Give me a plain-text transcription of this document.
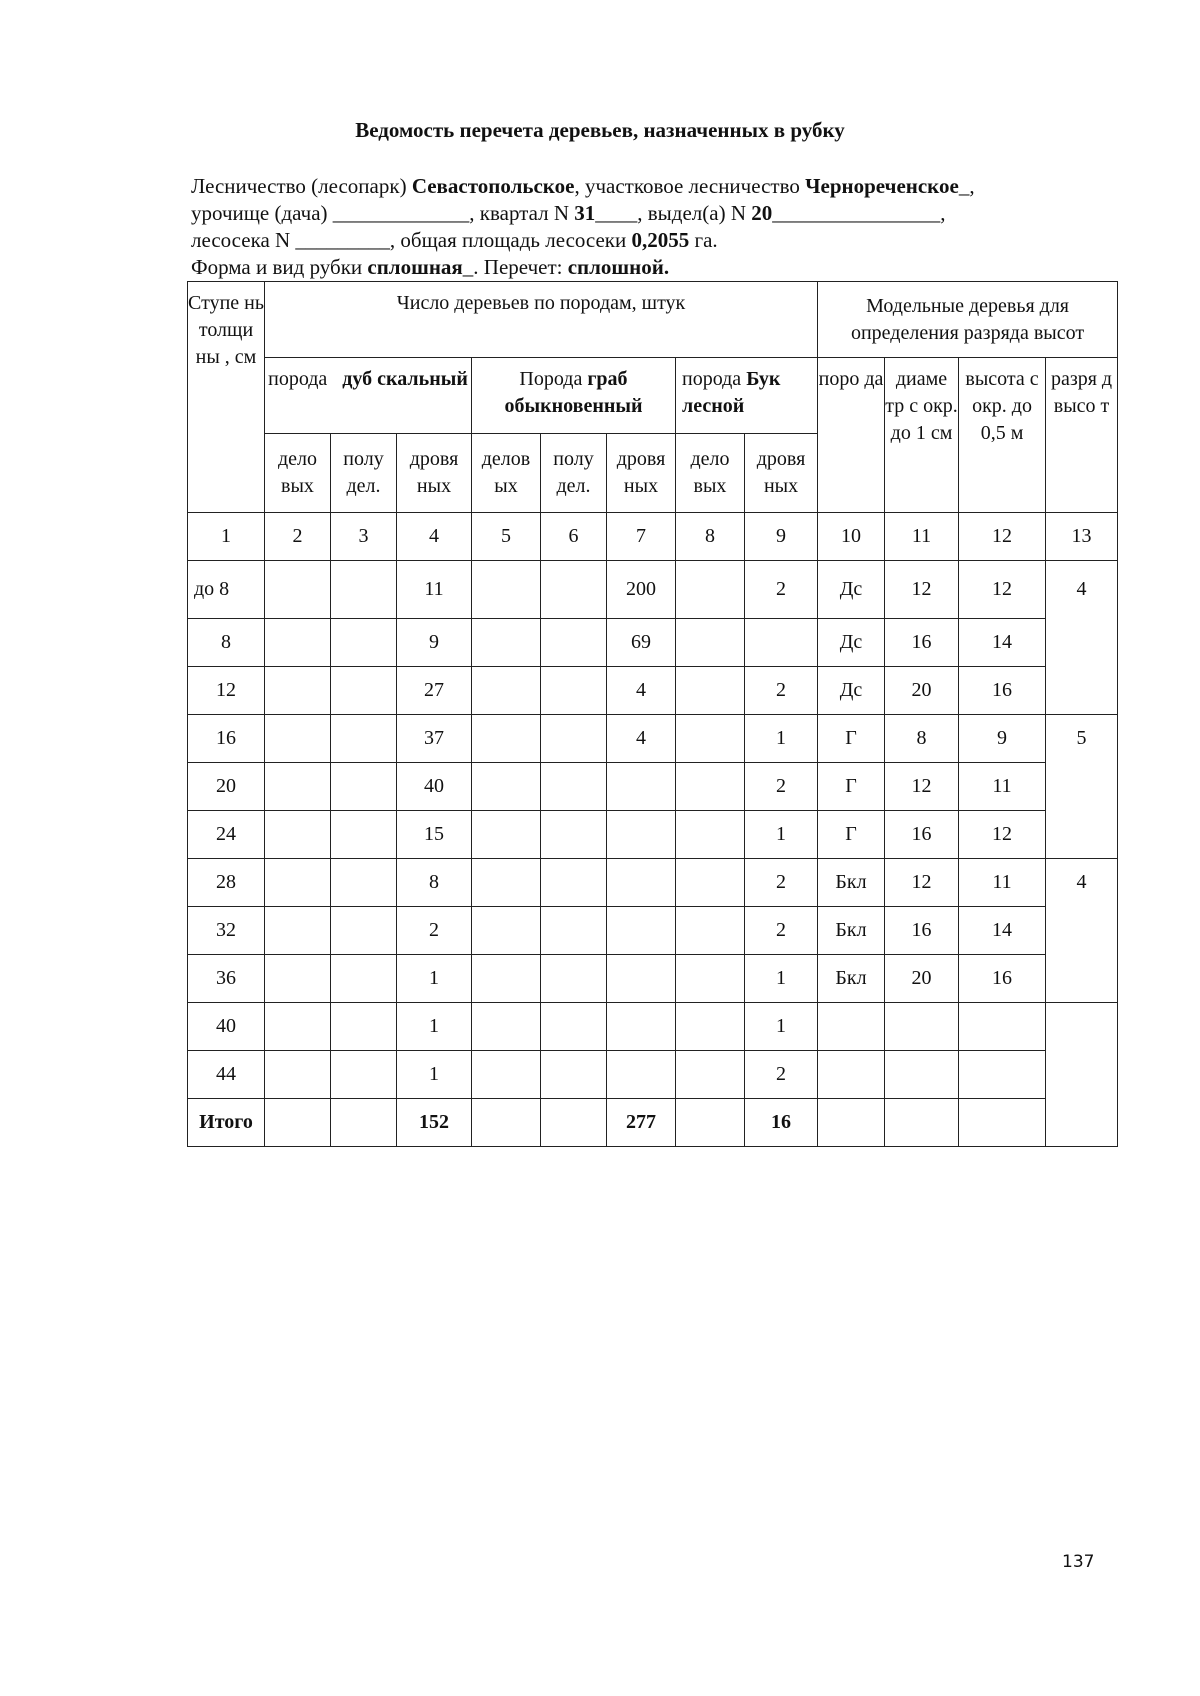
Ведомость перечета деревьев, назначенных в рубку
Лесничество (лесопарк) Севастопольское, участковое лесничество Чернореченское_,
урочище (дача) _____________, квартал N 31____, выдел(а) N 20________________,
лесосека N _________, общая площадь лесосеки 0,2055 га.
Форма и вид рубки сплошная_. Перечет: сплошной.
Ступе нь толщи ны , см	Число деревьев по породам, штук								Модельные деревья для определения разряда высот			
	порода дуб скальный			Порода граб обыкновенный			порода Бук лесной		поро да	диаме тр с окр. до 1 см	высота с окр. до 0,5 м	разря д высо т
	дело вых	полу дел.	дровя ных	делов ых	полу дел.	дровя ных	дело вых	дровя ных				
1	2	3	4	5	6	7	8	9	10	11	12	13
до 8			11			200		2	Дс	12	12	4
8			9			69			Дс	16	14	
12			27			4		2	Дс	20	16	
16			37			4		1	Г	8	9	5
20			40					2	Г	12	11	
24			15					1	Г	16	12	
28			8					2	Бкл	12	11	4
32			2					2	Бкл	16	14	
36			1					1	Бкл	20	16	
40			1					1				
44			1					2				
Итого			152			277		16				
137
